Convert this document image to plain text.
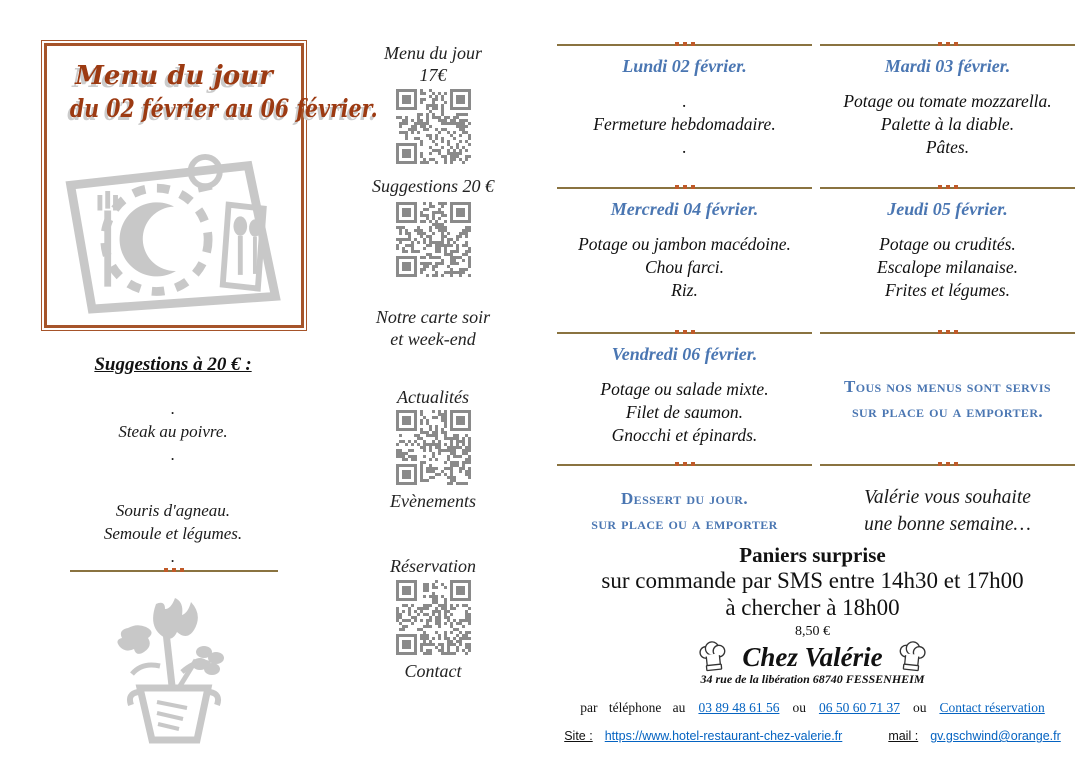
Menu du jour
du 02 février au 06 février.
Suggestions à 20 € :
.
Steak au poivre.
.
Souris d'agneau.
Semoule et légumes.
.
Menu du jour 17€
Suggestions 20 €
Notre carte soir et week-end
Actualités
Evènements
Réservation
Contact
Lundi 02 février.
.
Fermeture hebdomadaire.
.
Mardi 03 février.
Potage ou tomate mozzarella.
Palette à la diable.
Pâtes.
Mercredi 04 février.
Potage ou jambon macédoine.
Chou farci.
Riz.
Jeudi 05 février.
Potage ou crudités.
Escalope milanaise.
Frites et légumes.
Vendredi 06 février.
Potage ou salade mixte.
Filet de saumon.
Gnocchi et épinards.
Tous nos menus sont servis
sur place ou a emporter.
Dessert du jour.
sur place ou a emporter
Valérie vous souhaite
une bonne semaine…
Paniers surprise
sur commande par SMS entre 14h30 et 17h00
à chercher à 18h00
8,50 €
Chez Valérie
34 rue de la libération 68740 FESSENHEIM
par téléphone au 03 89 48 61 56 ou 06 50 60 71 37 ou Contact réservation
Site : https://www.hotel-restaurant-chez-valerie.fr	mail : gv.gschwind@orange.fr
